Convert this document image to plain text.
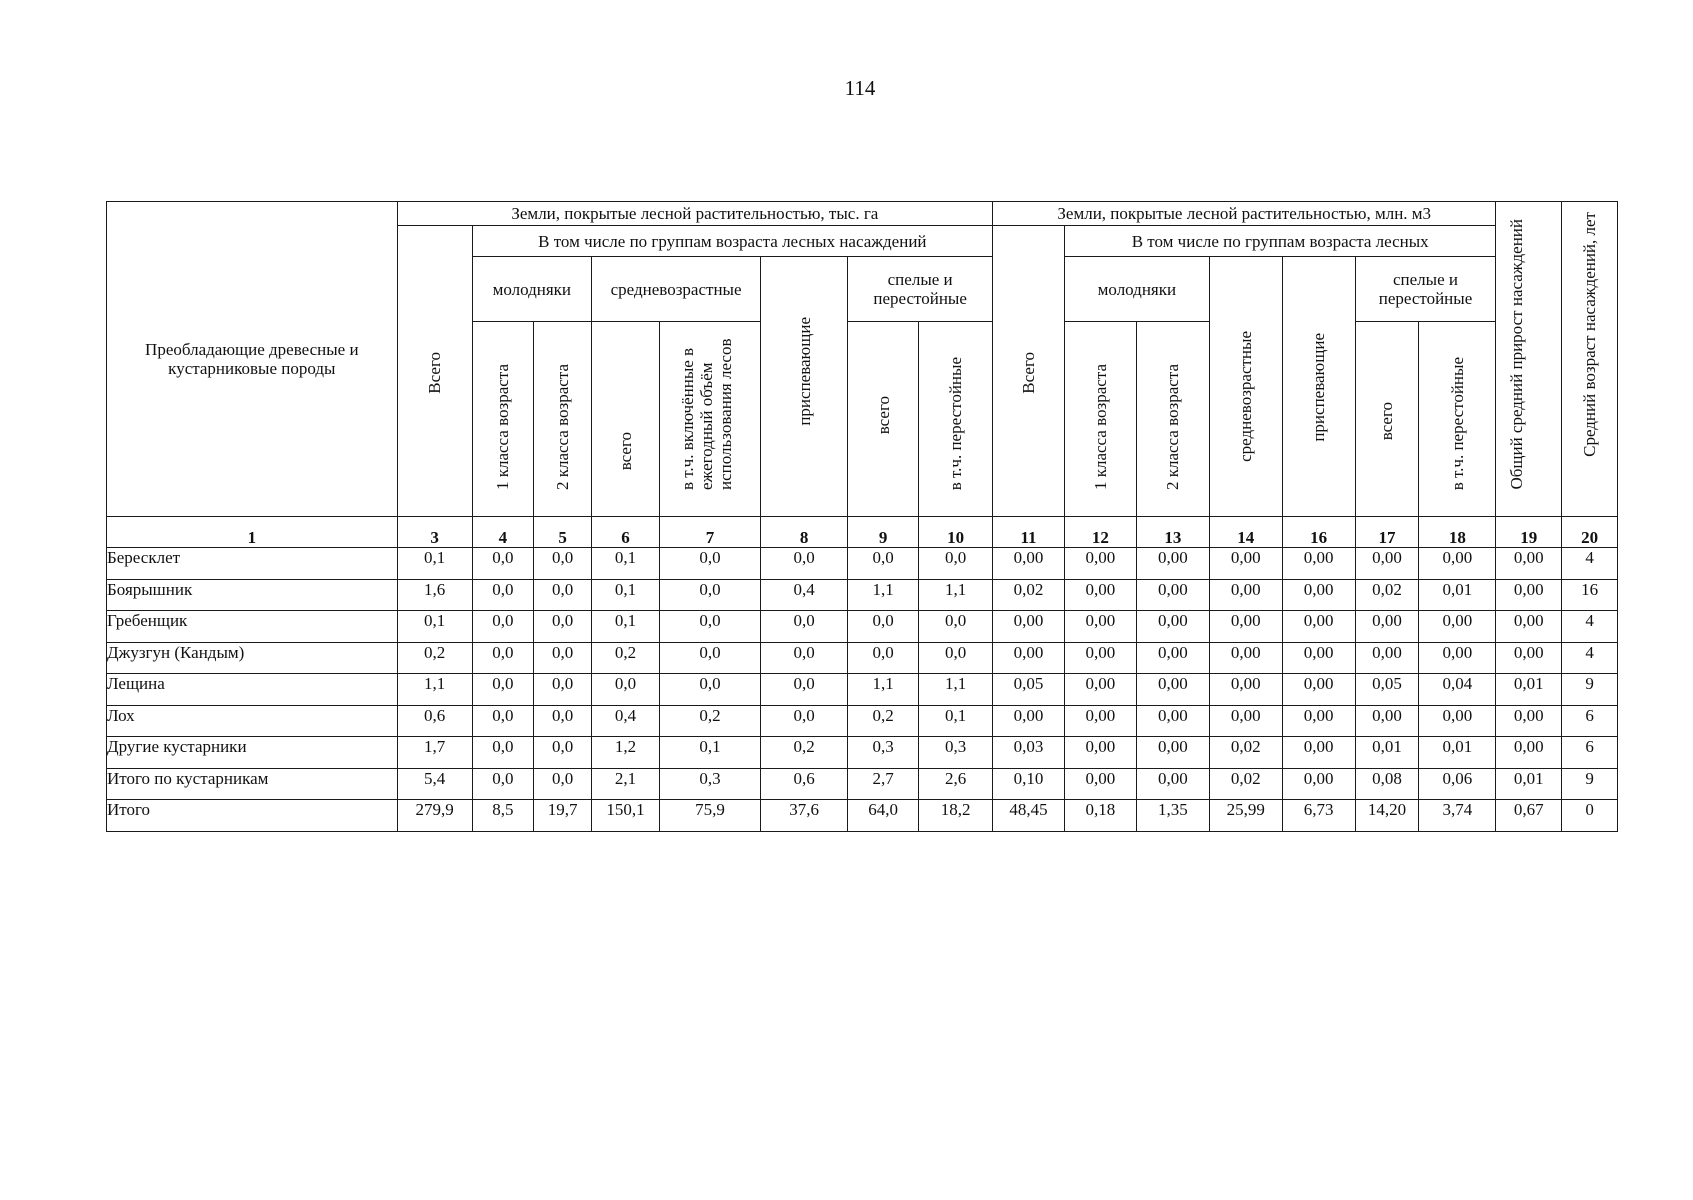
114
Преобладающие древесные и кустарниковые породы	Земли, покрытые лесной растительностью, тыс. га								Земли, покрытые лесной растительностью, млн. м3							Общий средний прирост насаждений	Средний возраст насаждений, лет
	Всего	В том числе по группам возраста лесных насаждений							Всего	В том числе по группам возраста лесных							
		молодняки		средневозрастные		приспевающие	спелые и перестойные			молодняки		средневозрастные	приспевающие	спелые и перестойные			
		1 класса возраста	2 класса возраста	всего	в т.ч. включённые в ежегодный объём использования лесов		всего	в т.ч. перестойные		1 класса возраста	2 класса возраста			всего	в т.ч. перестойные		
1	3	4	5	6	7	8	9	10	11	12	13	14	16	17	18	19	20
Бересклет	0,1	0,0	0,0	0,1	0,0	0,0	0,0	0,0	0,00	0,00	0,00	0,00	0,00	0,00	0,00	0,00	4
Боярышник	1,6	0,0	0,0	0,1	0,0	0,4	1,1	1,1	0,02	0,00	0,00	0,00	0,00	0,02	0,01	0,00	16
Гребенщик	0,1	0,0	0,0	0,1	0,0	0,0	0,0	0,0	0,00	0,00	0,00	0,00	0,00	0,00	0,00	0,00	4
Джузгун (Кандым)	0,2	0,0	0,0	0,2	0,0	0,0	0,0	0,0	0,00	0,00	0,00	0,00	0,00	0,00	0,00	0,00	4
Лещина	1,1	0,0	0,0	0,0	0,0	0,0	1,1	1,1	0,05	0,00	0,00	0,00	0,00	0,05	0,04	0,01	9
Лох	0,6	0,0	0,0	0,4	0,2	0,0	0,2	0,1	0,00	0,00	0,00	0,00	0,00	0,00	0,00	0,00	6
Другие кустарники	1,7	0,0	0,0	1,2	0,1	0,2	0,3	0,3	0,03	0,00	0,00	0,02	0,00	0,01	0,01	0,00	6
Итого по кустарникам	5,4	0,0	0,0	2,1	0,3	0,6	2,7	2,6	0,10	0,00	0,00	0,02	0,00	0,08	0,06	0,01	9
Итого	279,9	8,5	19,7	150,1	75,9	37,6	64,0	18,2	48,45	0,18	1,35	25,99	6,73	14,20	3,74	0,67	0
